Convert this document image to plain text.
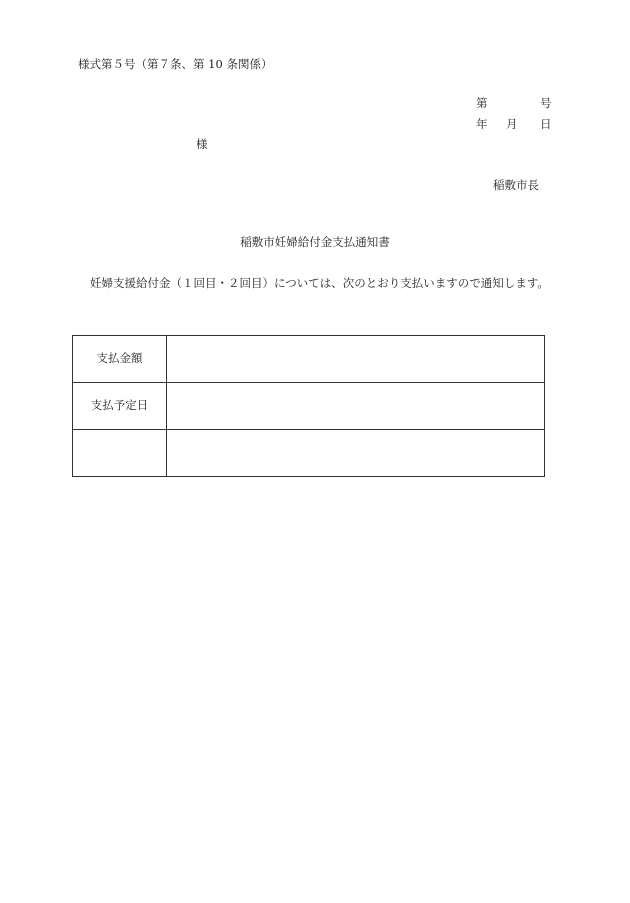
様式第５号（第７条、第 10 条関係）
第	号
年 月 日
様
稲敷市長
稲敷市妊婦給付金支払通知書
妊婦支援給付金（１回目・２回目）については、次のとおり支払いますので通知します。
支払金額	
支払予定日	
